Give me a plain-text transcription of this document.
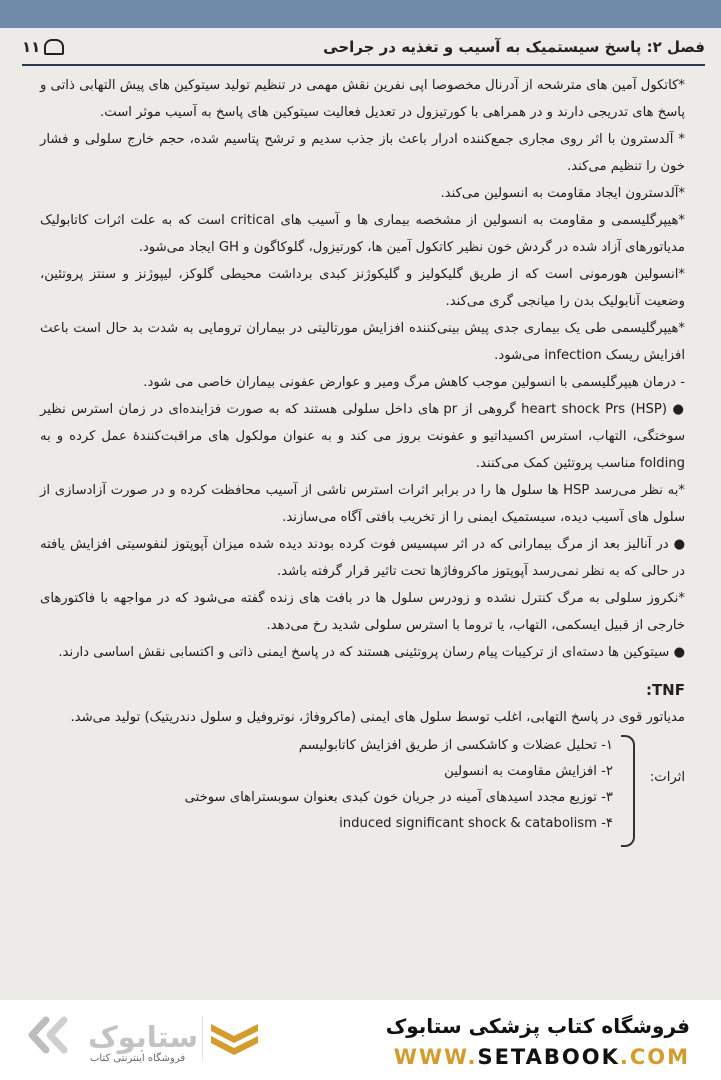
فصل ۲: پاسخ سیستمیک به آسیب و تغذیه در جراحی
۱۱

*کاتکول آمین های مترشحه از آدرنال مخصوصا اپی نفرین نقش مهمی در تنظیم تولید سیتوکین های پیش التهابی ذاتی و پاسخ های تدریجی دارند و در همراهی با کورتیزول در تعدیل فعالیت سیتوکین های پاسخ به آسیب موثر است.

* آلدسترون با اثر روی مجاری جمع‌کننده ادرار باعث باز جذب سدیم و ترشح پتاسیم شده، حجم خارج سلولی و فشار خون را تنظیم می‌کند.

*آلدسترون ایجاد مقاومت به انسولین می‌کند.

*هیپرگلیسمی و مقاومت به انسولین از مشخصه بیماری ها و آسیب های critical است که به علت اثرات کاتابولیک مدیاتورهای آزاد شده در گردش خون نظیر کاتکول آمین ها، کورتیزول، گلوکاگون و GH ایجاد می‌شود.

*انسولین هورمونی است که از طریق گلیکولیز و گلیکوژنز کبدی برداشت محیطی گلوکز، لیپوژنز و سنتز پروتئین، وضعیت آنابولیک بدن را میانجی گری می‌کند.

*هیپرگلیسمی طی یک بیماری جدی پیش بینی‌کننده افزایش مورتالیتی در بیماران ترومایی به شدت بد حال است باعث افزایش ریسک infection می‌شود.

- درمان هیپرگلیسمی با انسولین موجب کاهش مرگ ومیر و عوارض عفونی بیماران خاصی می شود.

● (HSP) heart shock Prs گروهی از pr های داخل سلولی هستند که به صورت فزاینده‌ای در زمان استرس نظیر سوختگی، التهاب، استرس اکسیداتیو و عفونت بروز می کند و به عنوان مولکول های مراقبت‌کنندهٔ عمل کرده و به folding مناسب پروتئین کمک می‌کنند.

*به نظر می‌رسد HSP ها سلول ها را در برابر اثرات استرس ناشی از آسیب محافظت کرده و در صورت آزادسازی از سلول های آسیب دیده، سیستمیک ایمنی را از تخریب بافتی آگاه می‌سازند.

● در آنالیز بعد از مرگ بیمارانی که در اثر سپسیس فوت کرده بودند دیده شده میزان آپوپتوز لنفوسیتی افزایش یافته در حالی که به نظر نمی‌رسد آپوپتوز ماکروفاژها تحت تاثیر قرار گرفته باشد.

*نکروز سلولی به مرگ کنترل نشده و زودرس سلول ها در بافت های زنده گفته می‌شود که در مواجهه با فاکتورهای خارجی از قبیل ایسکمی، التهاب، یا تروما با استرس سلولی شدید رخ می‌دهد.

● سیتوکین ها دسته‌ای از ترکیبات پیام رسان پروتئینی هستند که در پاسخ ایمنی ذاتی و اکتسابی نقش اساسی دارند.

TNF:

مدیاتور قوی در پاسخ التهابی، اغلب توسط سلول های ایمنی (ماکروفاژ، نوتروفیل و سلول دندریتیک) تولید می‌شد.

اثرات:
۱- تحلیل عضلات و کاشکسی از طریق افزایش کاتابولیسم
۲- افزایش مقاومت به انسولین
۳- توزیع مجدد اسیدهای آمینه در جریان خون کبدی بعنوان سوبستراهای سوختی
۴- induced significant shock & catabolism
ستابوک
فروشگاه اینترنتی کتاب
فروشگاه کتاب پزشکی ستابوک
WWW.SETABOOK.COM
